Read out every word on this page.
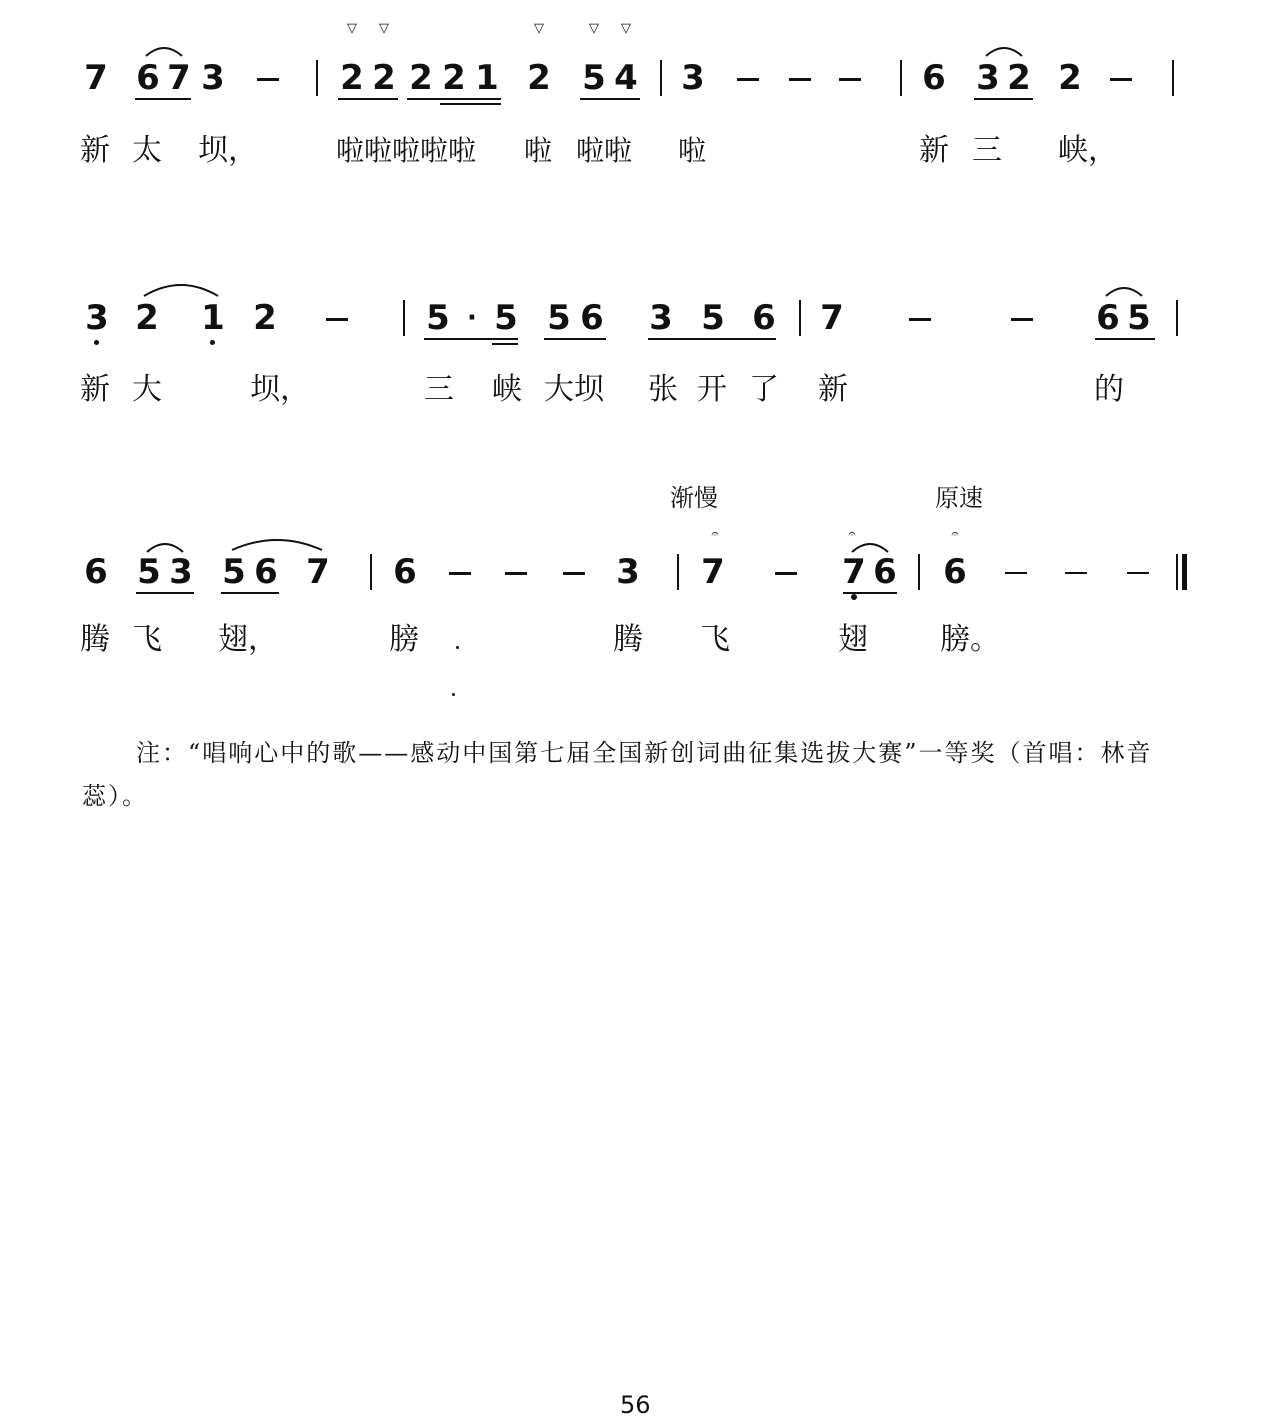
7 6 7 3	2 2 2 2 1 2 5 4 3	6 3 2 2
▽	▽	▽	▽	▽
新 太 坝，	啦啦啦啦啦 啦 啦啦 啦	新 三 峡，
3 2 1 2	5 · 5 5 6 3 5 6 7	6 5
新 大	坝，	三 峡 大坝 张 开 了 新	的
渐慢	原速
6 5 3 5 6 7 6	3 7	7 6 6
𝄐	𝄐	𝄐
腾 飞 翅，	膀	腾 飞	翅 膀。
注：“唱响心中的歌——感动中国第七届全国新创词曲征集选拔大赛”一等奖（首唱：林音蕊）。
56
